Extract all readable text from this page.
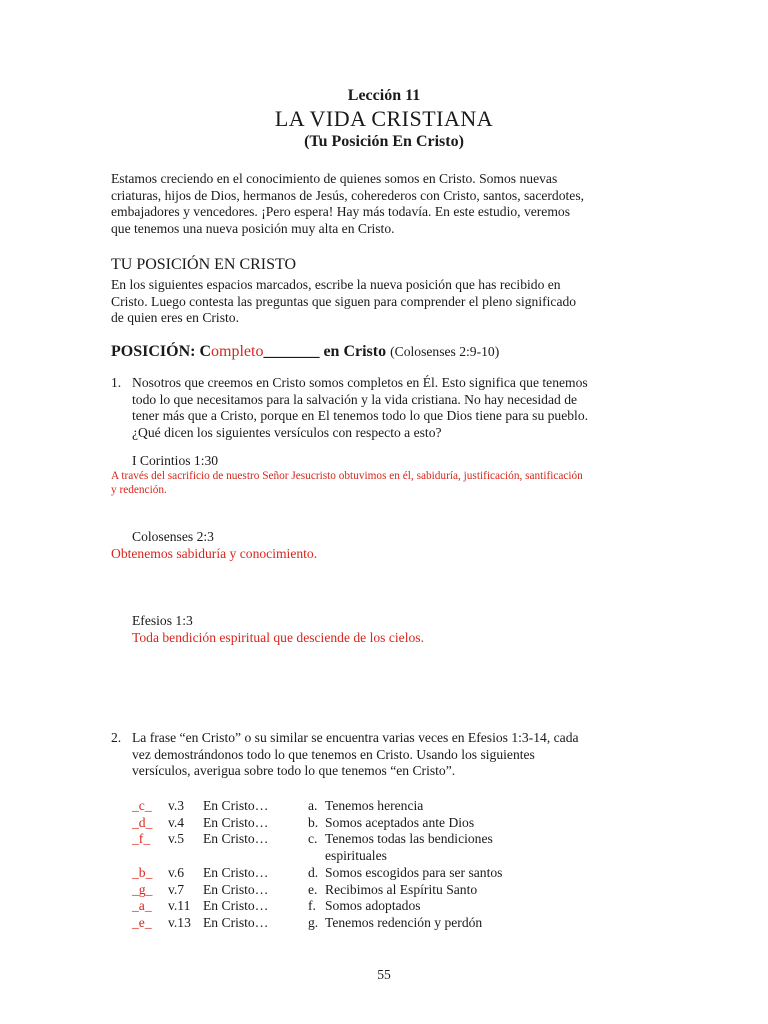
Lección 11
LA VIDA CRISTIANA
(Tu Posición En Cristo)
Estamos creciendo en el conocimiento de quienes somos en Cristo. Somos nuevas
criaturas, hijos de Dios, hermanos de Jesús, coherederos con Cristo, santos, sacerdotes,
embajadores y vencedores. ¡Pero espera! Hay más todavía. En este estudio, veremos
que tenemos una nueva posición muy alta en Cristo.
TU POSICIÓN EN CRISTO
En los siguientes espacios marcados, escribe la nueva posición que has recibido en
Cristo. Luego contesta las preguntas que siguen para comprender el pleno significado
de quien eres en Cristo.
POSICIÓN: Completo_______ en Cristo (Colosenses 2:9-10)
1. Nosotros que creemos en Cristo somos completos en Él. Esto significa que tenemos
todo lo que necesitamos para la salvación y la vida cristiana. No hay necesidad de
tener más que a Cristo, porque en El tenemos todo lo que Dios tiene para su pueblo.
¿Qué dicen los siguientes versículos con respecto a esto?
I Corintios 1:30
A través del sacrificio de nuestro Señor Jesucristo obtuvimos en él, sabiduría, justificación, santificación
y redención.
Colosenses 2:3
Obtenemos sabiduría y conocimiento.
Efesios 1:3
Toda bendición espiritual que desciende de los cielos.
2. La frase “en Cristo” o su similar se encuentra varias veces en Efesios 1:3-14, cada
vez demostrándonos todo lo que tenemos en Cristo. Usando los siguientes
versículos, averigua sobre todo lo que tenemos “en Cristo”.
_c_ v.3 En Cristo…	a. Tenemos herencia
_d_ v.4 En Cristo…	b. Somos aceptados ante Dios
_f_ v.5 En Cristo…	c. Tenemos todas las bendiciones
espirituales
_b_ v.6 En Cristo…	d. Somos escogidos para ser santos
_g_ v.7 En Cristo…	e. Recibimos al Espíritu Santo
_a_ v.11 En Cristo…	f. Somos adoptados
_e_ v.13 En Cristo…	g. Tenemos redención y perdón
55
